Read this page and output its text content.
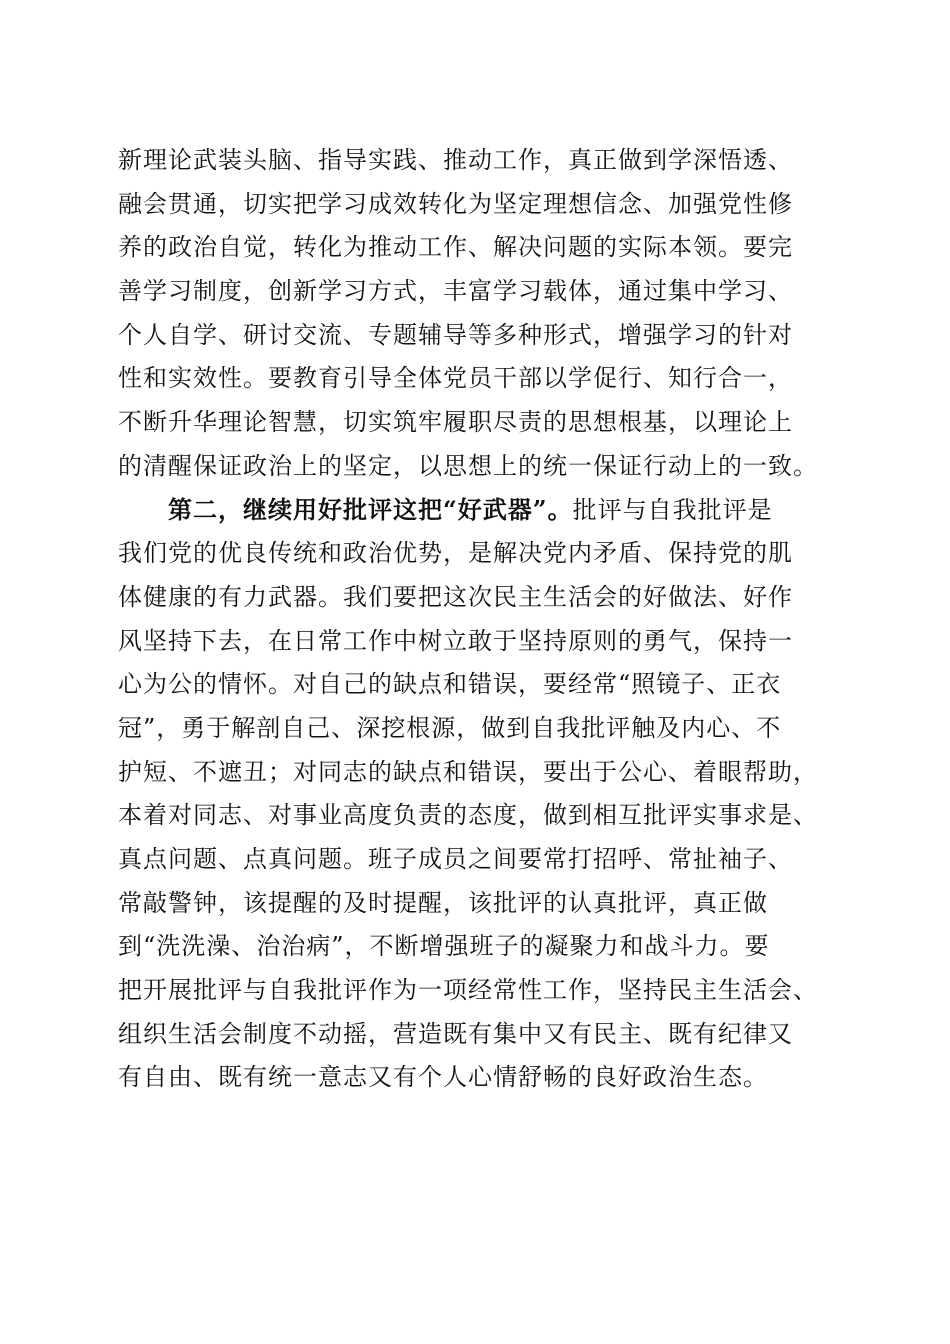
新理论武装头脑、指导实践、推动工作，真正做到学深悟透、
融会贯通，切实把学习成效转化为坚定理想信念、加强党性修
养的政治自觉，转化为推动工作、解决问题的实际本领。要完
善学习制度，创新学习方式，丰富学习载体，通过集中学习、
个人自学、研讨交流、专题辅导等多种形式，增强学习的针对
性和实效性。要教育引导全体党员干部以学促行、知行合一，
不断升华理论智慧，切实筑牢履职尽责的思想根基，以理论上
的清醒保证政治上的坚定，以思想上的统一保证行动上的一致。
第二，继续用好批评这把“好武器”。批评与自我批评是
我们党的优良传统和政治优势，是解决党内矛盾、保持党的肌
体健康的有力武器。我们要把这次民主生活会的好做法、好作
风坚持下去，在日常工作中树立敢于坚持原则的勇气，保持一
心为公的情怀。对自己的缺点和错误，要经常“照镜子、正衣
冠”，勇于解剖自己、深挖根源，做到自我批评触及内心、不
护短、不遮丑；对同志的缺点和错误，要出于公心、着眼帮助，
本着对同志、对事业高度负责的态度，做到相互批评实事求是、
真点问题、点真问题。班子成员之间要常打招呼、常扯袖子、
常敲警钟，该提醒的及时提醒，该批评的认真批评，真正做
到“洗洗澡、治治病”，不断增强班子的凝聚力和战斗力。要
把开展批评与自我批评作为一项经常性工作，坚持民主生活会、
组织生活会制度不动摇，营造既有集中又有民主、既有纪律又
有自由、既有统一意志又有个人心情舒畅的良好政治生态。
